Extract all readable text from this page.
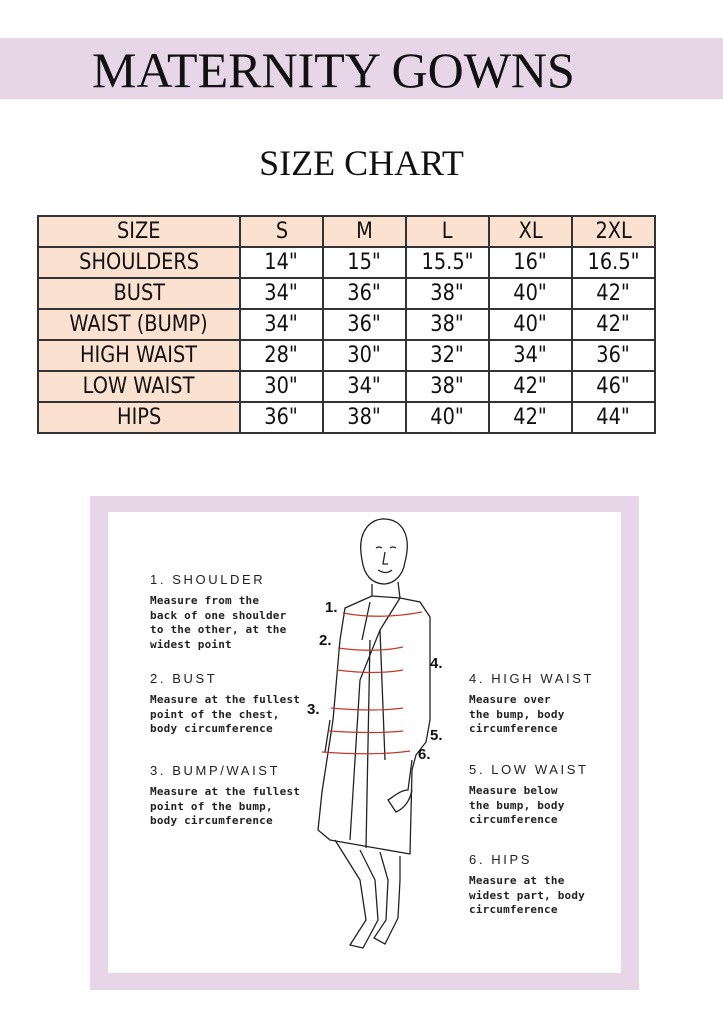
MATERNITY GOWNS
SIZE CHART
SIZE	S	M	L	XL	2XL
SHOULDERS	14"	15"	15.5"	16"	16.5"
BUST	34"	36"	38"	40"	42"
WAIST (BUMP)	34"	36"	38"	40"	42"
HIGH WAIST	28"	30"	32"	34"	36"
LOW WAIST	30"	34"	38"	42"	46"
HIPS	36"	38"	40"	42"	44"
1. SHOULDER
Measure from the
back of one shoulder
to the other, at the
widest point
2. BUST
Measure at the fullest
point of the chest,
body circumference
3. BUMP/WAIST
Measure at the fullest
point of the bump,
body circumference
4. HIGH WAIST
Measure over
the bump, body
circumference
5. LOW WAIST
Measure below
the bump, body
circumference
6. HIPS
Measure at the
widest part, body
circumference
1.
2.
3.
4.
5.
6.
